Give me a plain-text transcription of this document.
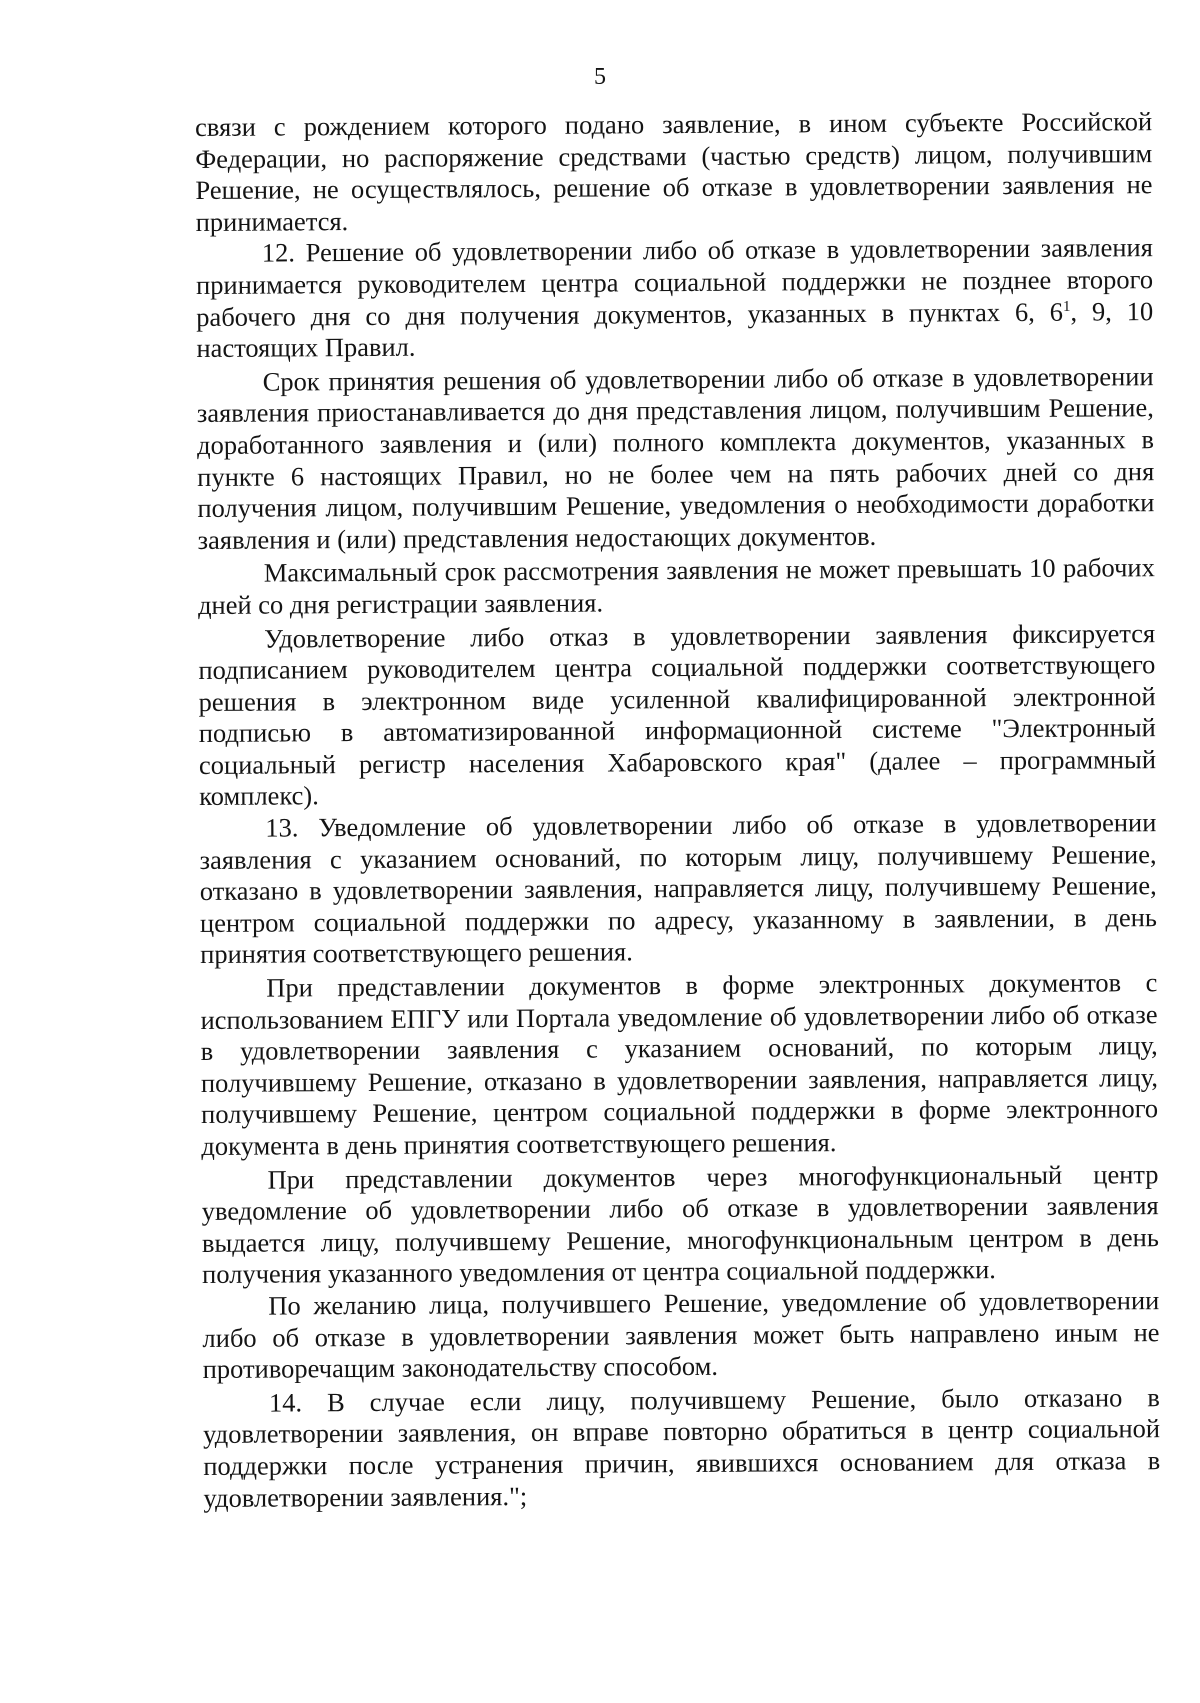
5

связи с рождением которого подано заявление, в ином субъекте Российской Федерации, но распоряжение средствами (частью средств) лицом, получившим Решение, не осуществлялось, решение об отказе в удовлетворении заявления не принимается.

12. Решение об удовлетворении либо об отказе в удовлетворении заявления принимается руководителем центра социальной поддержки не позднее второго рабочего дня со дня получения документов, указанных в пунктах 6, $6^1$, 9, 10 настоящих Правил.

Срок принятия решения об удовлетворении либо об отказе в удовлетворении заявления приостанавливается до дня представления лицом, получившим Решение, доработанного заявления и (или) полного комплекта документов, указанных в пункте 6 настоящих Правил, но не более чем на пять рабочих дней со дня получения лицом, получившим Решение, уведомления о необходимости доработки заявления и (или) представления недостающих документов.

Максимальный срок рассмотрения заявления не может превышать 10 рабочих дней со дня регистрации заявления.

Удовлетворение либо отказ в удовлетворении заявления фиксируется подписанием руководителем центра социальной поддержки соответствующего решения в электронном виде усиленной квалифицированной электронной подписью в автоматизированной информационной системе "Электронный социальный регистр населения Хабаровского края" (далее – программный комплекс).

13. Уведомление об удовлетворении либо об отказе в удовлетворении заявления с указанием оснований, по которым лицу, получившему Решение, отказано в удовлетворении заявления, направляется лицу, получившему Решение, центром социальной поддержки по адресу, указанному в заявлении, в день принятия соответствующего решения.

При представлении документов в форме электронных документов с использованием ЕПГУ или Портала уведомление об удовлетворении либо об отказе в удовлетворении заявления с указанием оснований, по которым лицу, получившему Решение, отказано в удовлетворении заявления, направляется лицу, получившему Решение, центром социальной поддержки в форме электронного документа в день принятия соответствующего решения.

При представлении документов через многофункциональный центр уведомление об удовлетворении либо об отказе в удовлетворении заявления выдается лицу, получившему Решение, многофункциональным центром в день получения указанного уведомления от центра социальной поддержки.

По желанию лица, получившего Решение, уведомление об удовлетворении либо об отказе в удовлетворении заявления может быть направлено иным не противоречащим законодательству способом.

14. В случае если лицу, получившему Решение, было отказано в удовлетворении заявления, он вправе повторно обратиться в центр социальной поддержки после устранения причин, явившихся основанием для отказа в удовлетворении заявления.";
